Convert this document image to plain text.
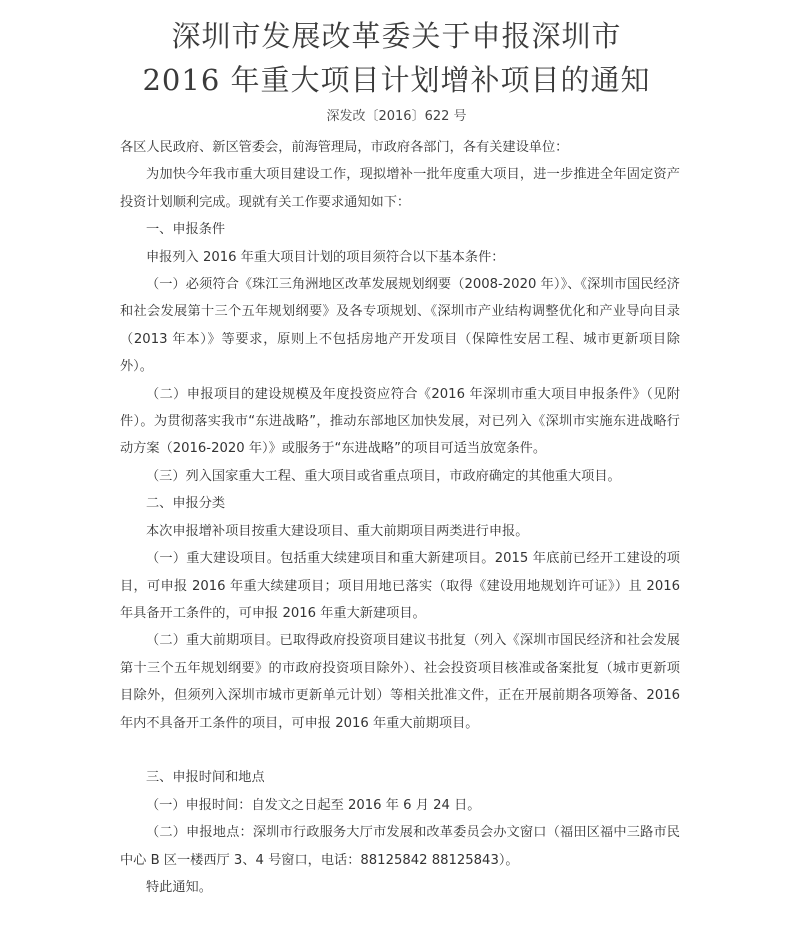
深圳市发展改革委关于申报深圳市
2016 年重大项目计划增补项目的通知
深发改〔2016〕622 号

各区人民政府、新区管委会，前海管理局，市政府各部门，各有关建设单位：

为加快今年我市重大项目建设工作，现拟增补一批年度重大项目，进一步推进全年固定资产投资计划顺利完成。现就有关工作要求通知如下：

一、申报条件

申报列入 2016 年重大项目计划的项目须符合以下基本条件：

（一）必须符合《珠江三角洲地区改革发展规划纲要（2008-2020 年）》、《深圳市国民经济和社会发展第十三个五年规划纲要》及各专项规划、《深圳市产业结构调整优化和产业导向目录（2013 年本）》等要求，原则上不包括房地产开发项目（保障性安居工程、城市更新项目除外）。

（二）申报项目的建设规模及年度投资应符合《2016 年深圳市重大项目申报条件》（见附件）。为贯彻落实我市“东进战略”，推动东部地区加快发展，对已列入《深圳市实施东进战略行动方案（2016-2020 年）》或服务于“东进战略”的项目可适当放宽条件。

（三）列入国家重大工程、重大项目或省重点项目，市政府确定的其他重大项目。

二、申报分类

本次申报增补项目按重大建设项目、重大前期项目两类进行申报。

（一）重大建设项目。包括重大续建项目和重大新建项目。2015 年底前已经开工建设的项目，可申报 2016 年重大续建项目；项目用地已落实（取得《建设用地规划许可证》）且 2016 年具备开工条件的，可申报 2016 年重大新建项目。

（二）重大前期项目。已取得政府投资项目建议书批复（列入《深圳市国民经济和社会发展第十三个五年规划纲要》的市政府投资项目除外）、社会投资项目核准或备案批复（城市更新项目除外，但须列入深圳市城市更新单元计划）等相关批准文件，正在开展前期各项筹备、2016 年内不具备开工条件的项目，可申报 2016 年重大前期项目。

三、申报时间和地点

（一）申报时间：自发文之日起至 2016 年 6 月 24 日。

（二）申报地点：深圳市行政服务大厅市发展和改革委员会办文窗口（福田区福中三路市民中心 B 区一楼西厅 3、4 号窗口，电话：88125842 88125843）。

特此通知。
